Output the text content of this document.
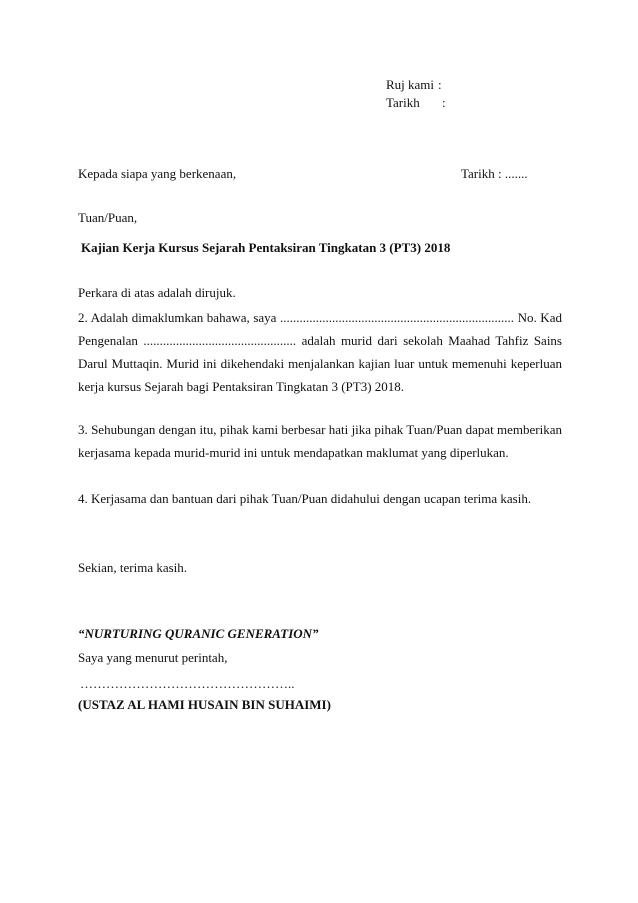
Ruj kami :
Tarikh :
Kepada siapa yang berkenaan,	Tarikh : .......
Tuan/Puan,
Kajian Kerja Kursus Sejarah Pentaksiran Tingkatan 3 (PT3) 2018
Perkara di atas adalah dirujuk.
2. Adalah dimaklumkan bahawa, saya ........................................................................ No. Kad
Pengenalan ............................................... adalah murid dari sekolah Maahad Tahfiz Sains
Darul Muttaqin. Murid ini dikehendaki menjalankan kajian luar untuk memenuhi keperluan
kerja kursus Sejarah bagi Pentaksiran Tingkatan 3 (PT3) 2018.
3. Sehubungan dengan itu, pihak kami berbesar hati jika pihak Tuan/Puan dapat memberikan
kerjasama kepada murid-murid ini untuk mendapatkan maklumat yang diperlukan.
4. Kerjasama dan bantuan dari pihak Tuan/Puan didahului dengan ucapan terima kasih.
Sekian, terima kasih.
“NURTURING QURANIC GENERATION”
Saya yang menurut perintah,
…………………………………………..
(USTAZ AL HAMI HUSAIN BIN SUHAIMI)
